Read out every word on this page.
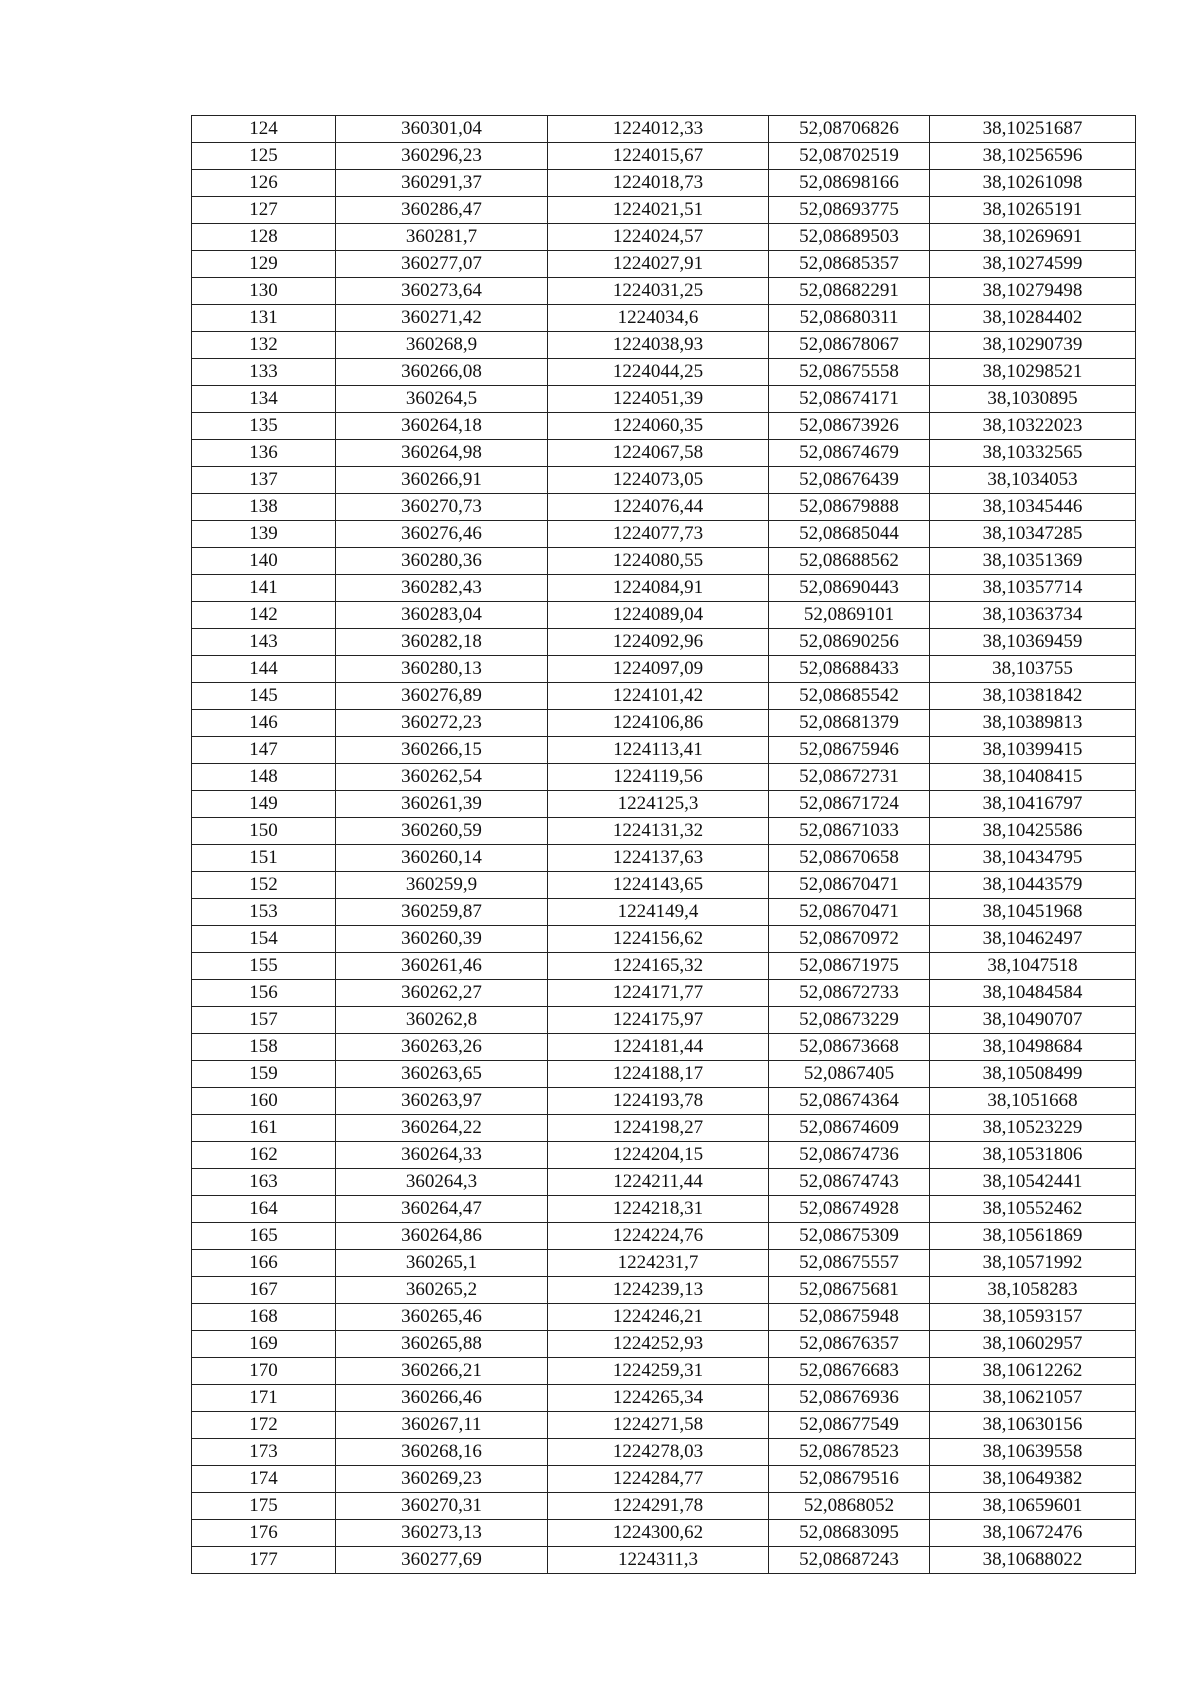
124	360301,04	1224012,33	52,08706826	38,10251687
125	360296,23	1224015,67	52,08702519	38,10256596
126	360291,37	1224018,73	52,08698166	38,10261098
127	360286,47	1224021,51	52,08693775	38,10265191
128	360281,7	1224024,57	52,08689503	38,10269691
129	360277,07	1224027,91	52,08685357	38,10274599
130	360273,64	1224031,25	52,08682291	38,10279498
131	360271,42	1224034,6	52,08680311	38,10284402
132	360268,9	1224038,93	52,08678067	38,10290739
133	360266,08	1224044,25	52,08675558	38,10298521
134	360264,5	1224051,39	52,08674171	38,1030895
135	360264,18	1224060,35	52,08673926	38,10322023
136	360264,98	1224067,58	52,08674679	38,10332565
137	360266,91	1224073,05	52,08676439	38,1034053
138	360270,73	1224076,44	52,08679888	38,10345446
139	360276,46	1224077,73	52,08685044	38,10347285
140	360280,36	1224080,55	52,08688562	38,10351369
141	360282,43	1224084,91	52,08690443	38,10357714
142	360283,04	1224089,04	52,0869101	38,10363734
143	360282,18	1224092,96	52,08690256	38,10369459
144	360280,13	1224097,09	52,08688433	38,103755
145	360276,89	1224101,42	52,08685542	38,10381842
146	360272,23	1224106,86	52,08681379	38,10389813
147	360266,15	1224113,41	52,08675946	38,10399415
148	360262,54	1224119,56	52,08672731	38,10408415
149	360261,39	1224125,3	52,08671724	38,10416797
150	360260,59	1224131,32	52,08671033	38,10425586
151	360260,14	1224137,63	52,08670658	38,10434795
152	360259,9	1224143,65	52,08670471	38,10443579
153	360259,87	1224149,4	52,08670471	38,10451968
154	360260,39	1224156,62	52,08670972	38,10462497
155	360261,46	1224165,32	52,08671975	38,1047518
156	360262,27	1224171,77	52,08672733	38,10484584
157	360262,8	1224175,97	52,08673229	38,10490707
158	360263,26	1224181,44	52,08673668	38,10498684
159	360263,65	1224188,17	52,0867405	38,10508499
160	360263,97	1224193,78	52,08674364	38,1051668
161	360264,22	1224198,27	52,08674609	38,10523229
162	360264,33	1224204,15	52,08674736	38,10531806
163	360264,3	1224211,44	52,08674743	38,10542441
164	360264,47	1224218,31	52,08674928	38,10552462
165	360264,86	1224224,76	52,08675309	38,10561869
166	360265,1	1224231,7	52,08675557	38,10571992
167	360265,2	1224239,13	52,08675681	38,1058283
168	360265,46	1224246,21	52,08675948	38,10593157
169	360265,88	1224252,93	52,08676357	38,10602957
170	360266,21	1224259,31	52,08676683	38,10612262
171	360266,46	1224265,34	52,08676936	38,10621057
172	360267,11	1224271,58	52,08677549	38,10630156
173	360268,16	1224278,03	52,08678523	38,10639558
174	360269,23	1224284,77	52,08679516	38,10649382
175	360270,31	1224291,78	52,0868052	38,10659601
176	360273,13	1224300,62	52,08683095	38,10672476
177	360277,69	1224311,3	52,08687243	38,10688022
